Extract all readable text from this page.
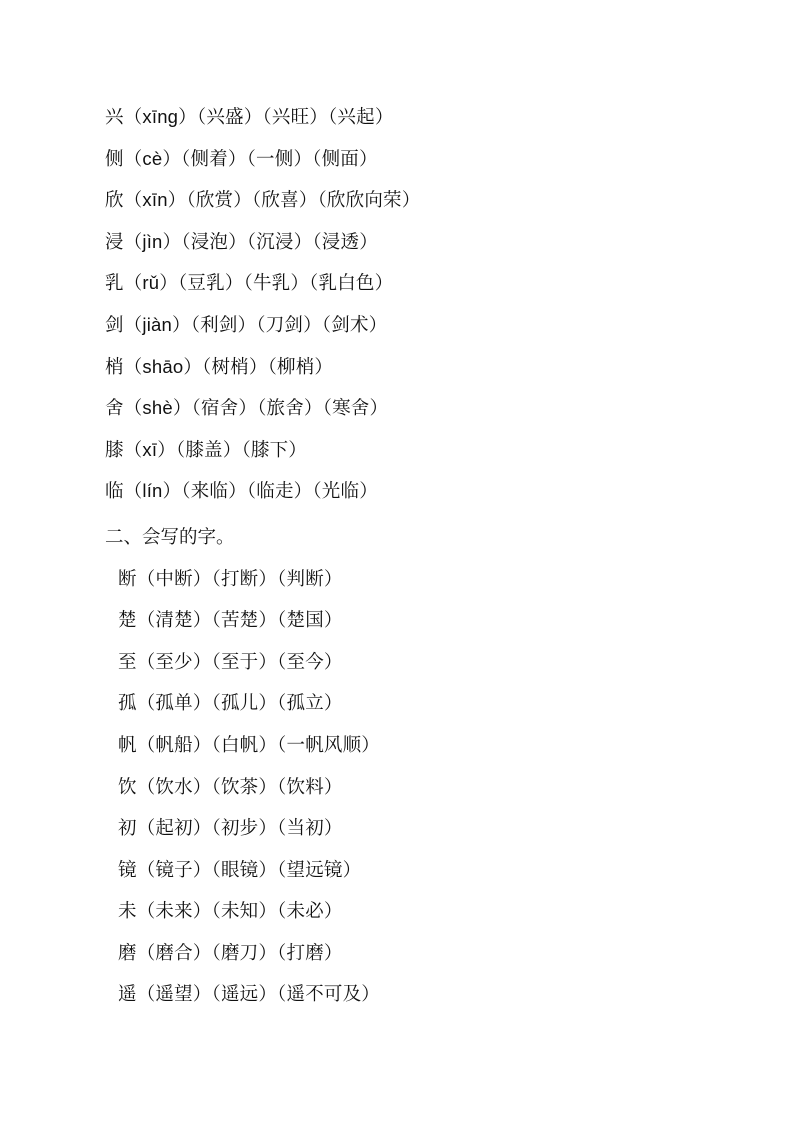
兴（xīng）（兴盛）（兴旺）（兴起）
侧（cè）（侧着）（一侧）（侧面）
欣（xīn）（欣赏）（欣喜）（欣欣向荣）
浸（jìn）（浸泡）（沉浸）（浸透）
乳（rǔ）（豆乳）（牛乳）（乳白色）
剑（jiàn）（利剑）（刀剑）（剑术）
梢（shāo）（树梢）（柳梢）
舍（shè）（宿舍）（旅舍）（寒舍）
膝（xī）（膝盖）（膝下）
临（lín）（来临）（临走）（光临）
二、会写的字。
断（中断）（打断）（判断）
楚（清楚）（苦楚）（楚国）
至（至少）（至于）（至今）
孤（孤单）（孤儿）（孤立）
帆（帆船）（白帆）（一帆风顺）
饮（饮水）（饮茶）（饮料）
初（起初）（初步）（当初）
镜（镜子）（眼镜）（望远镜）
未（未来）（未知）（未必）
磨（磨合）（磨刀）（打磨）
遥（遥望）（遥远）（遥不可及）
